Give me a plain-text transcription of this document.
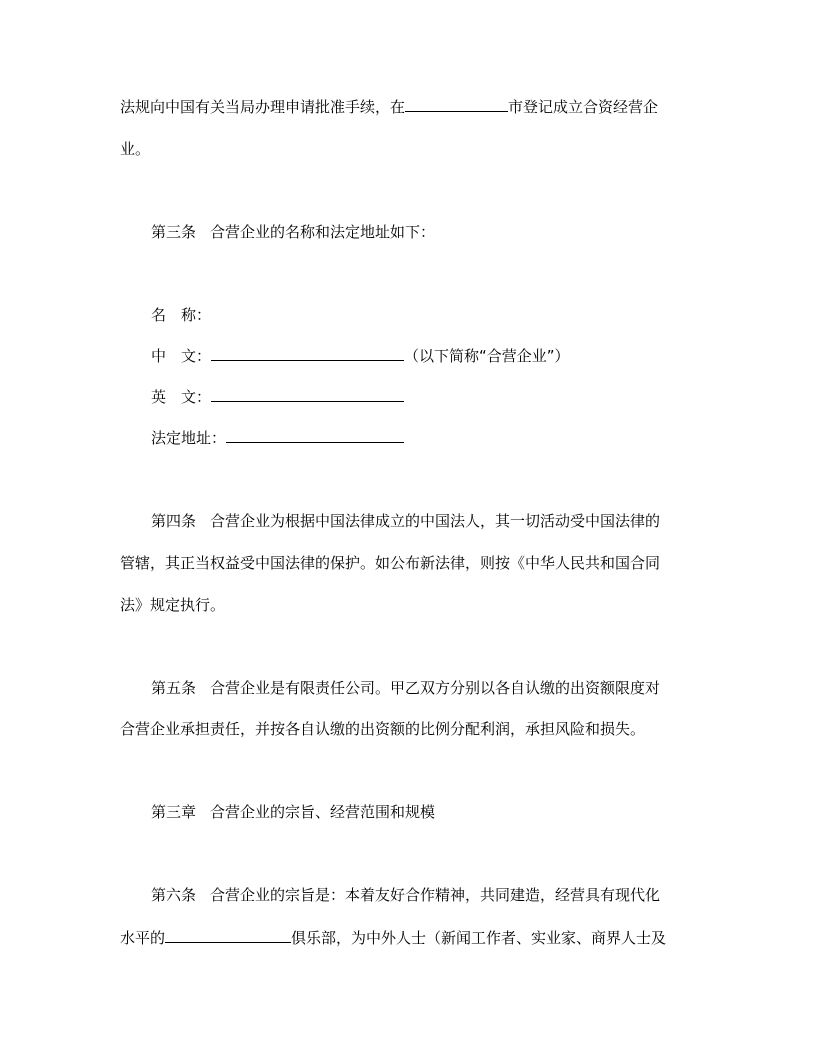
法规向中国有关当局办理申请批准手续，在	市登记成立合资经营企
业。
第三条 合营企业的名称和法定地址如下：
名　称：
中　文：	（以下简称“合营企业”）
英　文：
法定地址：
第四条 合营企业为根据中国法律成立的中国法人，其一切活动受中国法律的
管辖，其正当权益受中国法律的保护。如公布新法律，则按《中华人民共和国合同
法》规定执行。
第五条 合营企业是有限责任公司。甲乙双方分别以各自认缴的出资额限度对
合营企业承担责任，并按各自认缴的出资额的比例分配利润，承担风险和损失。
第三章 合营企业的宗旨、经营范围和规模
第六条 合营企业的宗旨是：本着友好合作精神，共同建造，经营具有现代化
水平的	俱乐部，为中外人士（新闻工作者、实业家、商界人士及
